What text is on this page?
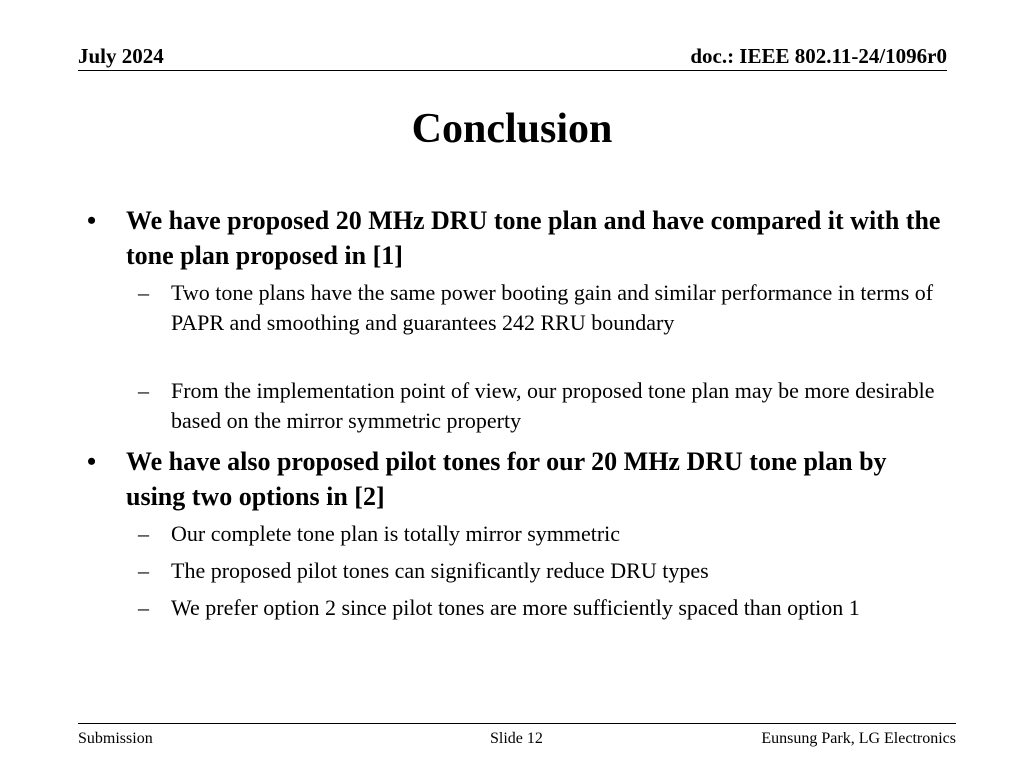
July 2024	doc.: IEEE 802.11-24/1096r0
Conclusion
• We have proposed 20 MHz DRU tone plan and have compared it with the tone plan proposed in [1]
– Two tone plans have the same power booting gain and similar performance in terms of PAPR and smoothing and guarantees 242 RRU boundary
– From the implementation point of view, our proposed tone plan may be more desirable based on the mirror symmetric property
• We have also proposed pilot tones for our 20 MHz DRU tone plan by using two options in [2]
– Our complete tone plan is totally mirror symmetric
– The proposed pilot tones can significantly reduce DRU types
– We prefer option 2 since pilot tones are more sufficiently spaced than option 1
Submission	Slide 12	Eunsung Park, LG Electronics
